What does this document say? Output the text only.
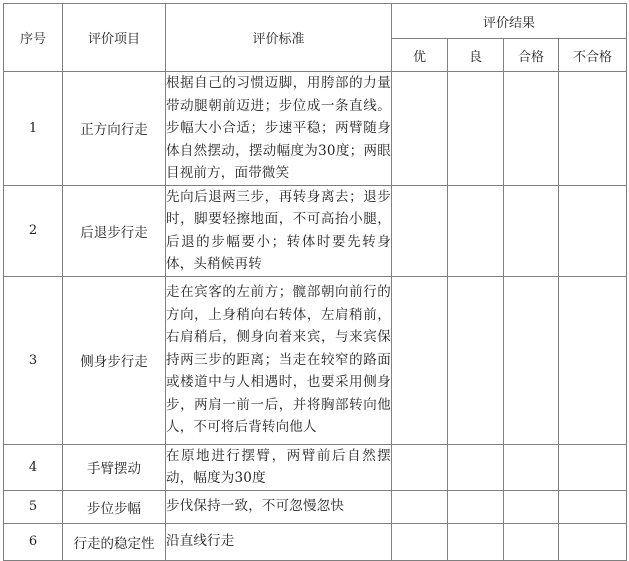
序号	评价项目	评价标准	评价结果			
			优	良	合格	不合格
1	正方向行走	根据自己的习惯迈脚，用胯部的力量带动腿朝前迈进；步位成一条直线。步幅大小合适；步速平稳；两臂随身体自然摆动，摆动幅度为30度；两眼目视前方，面带微笑				
2	后退步行走	先向后退两三步，再转身离去；退步时，脚要轻擦地面，不可高抬小腿，后退的步幅要小；转体时要先转身体，头稍候再转				
3	侧身步行走	走在宾客的左前方；髋部朝向前行的方向，上身稍向右转体，左肩稍前，右肩稍后，侧身向着来宾，与来宾保持两三步的距离；当走在较窄的路面或楼道中与人相遇时，也要采用侧身步，两肩一前一后，并将胸部转向他人，不可将后背转向他人				
4	手臂摆动	在原地进行摆臂，两臂前后自然摆动，幅度为30度				
5	步位步幅	步伐保持一致，不可忽慢忽快				
6	行走的稳定性	沿直线行走				
